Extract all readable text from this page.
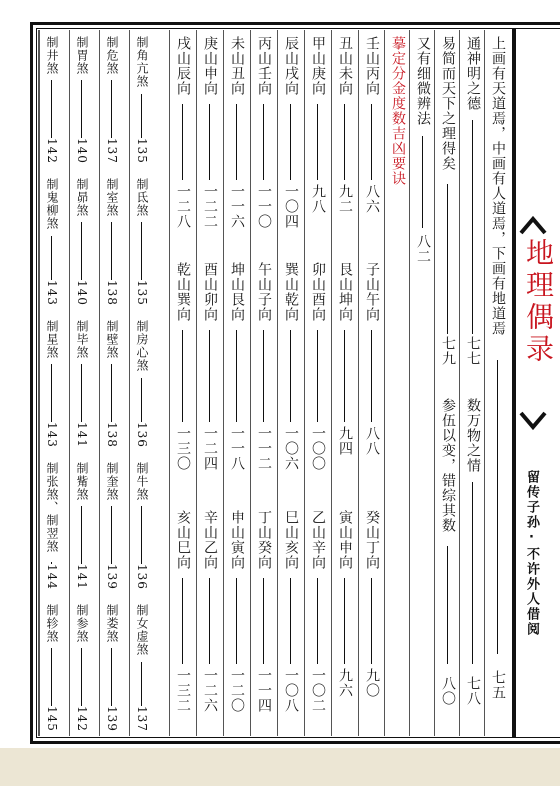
地理偶录
留传子孙·不许外人借阅
上画有天道焉，中画有人道焉，下画有地道焉
七五
通神明之德
七七
数万物之情
七八
易简而天下之理得矣
七九
参伍以变，错综其数
八〇
又有细微辨法
八二
摹定分金度数吉凶要诀
壬山丙向
八六
子山午向
八八
癸山丁向
九〇
丑山未向
九二
艮山坤向
九四
寅山申向
九六
甲山庚向
九八
卯山酉向
一〇〇
乙山辛向
一〇二
辰山戌向
一〇四
巽山乾向
一〇六
巳山亥向
一〇八
丙山壬向
一一〇
午山子向
一一二
丁山癸向
一一四
未山丑向
一一六
坤山艮向
一一八
申山寅向
一二〇
庚山申向
一二二
酉山卯向
一二四
辛山乙向
一二六
戌山辰向
一二八
乾山巽向
一三〇
亥山巳向
一三二
制角亢煞
135
制氐煞
135
制房心煞
136
制牛煞
136
制女虚煞
137
制危煞
137
制室煞
138
制壁煞
138
制奎煞
139
制娄煞
139
制胃煞
140
制昴煞
140
制毕煞
141
制觜煞
141
制参煞
142
制井煞
142
制鬼柳煞
143
制星煞
143
制张煞、制翌煞
144
制轸煞
145
